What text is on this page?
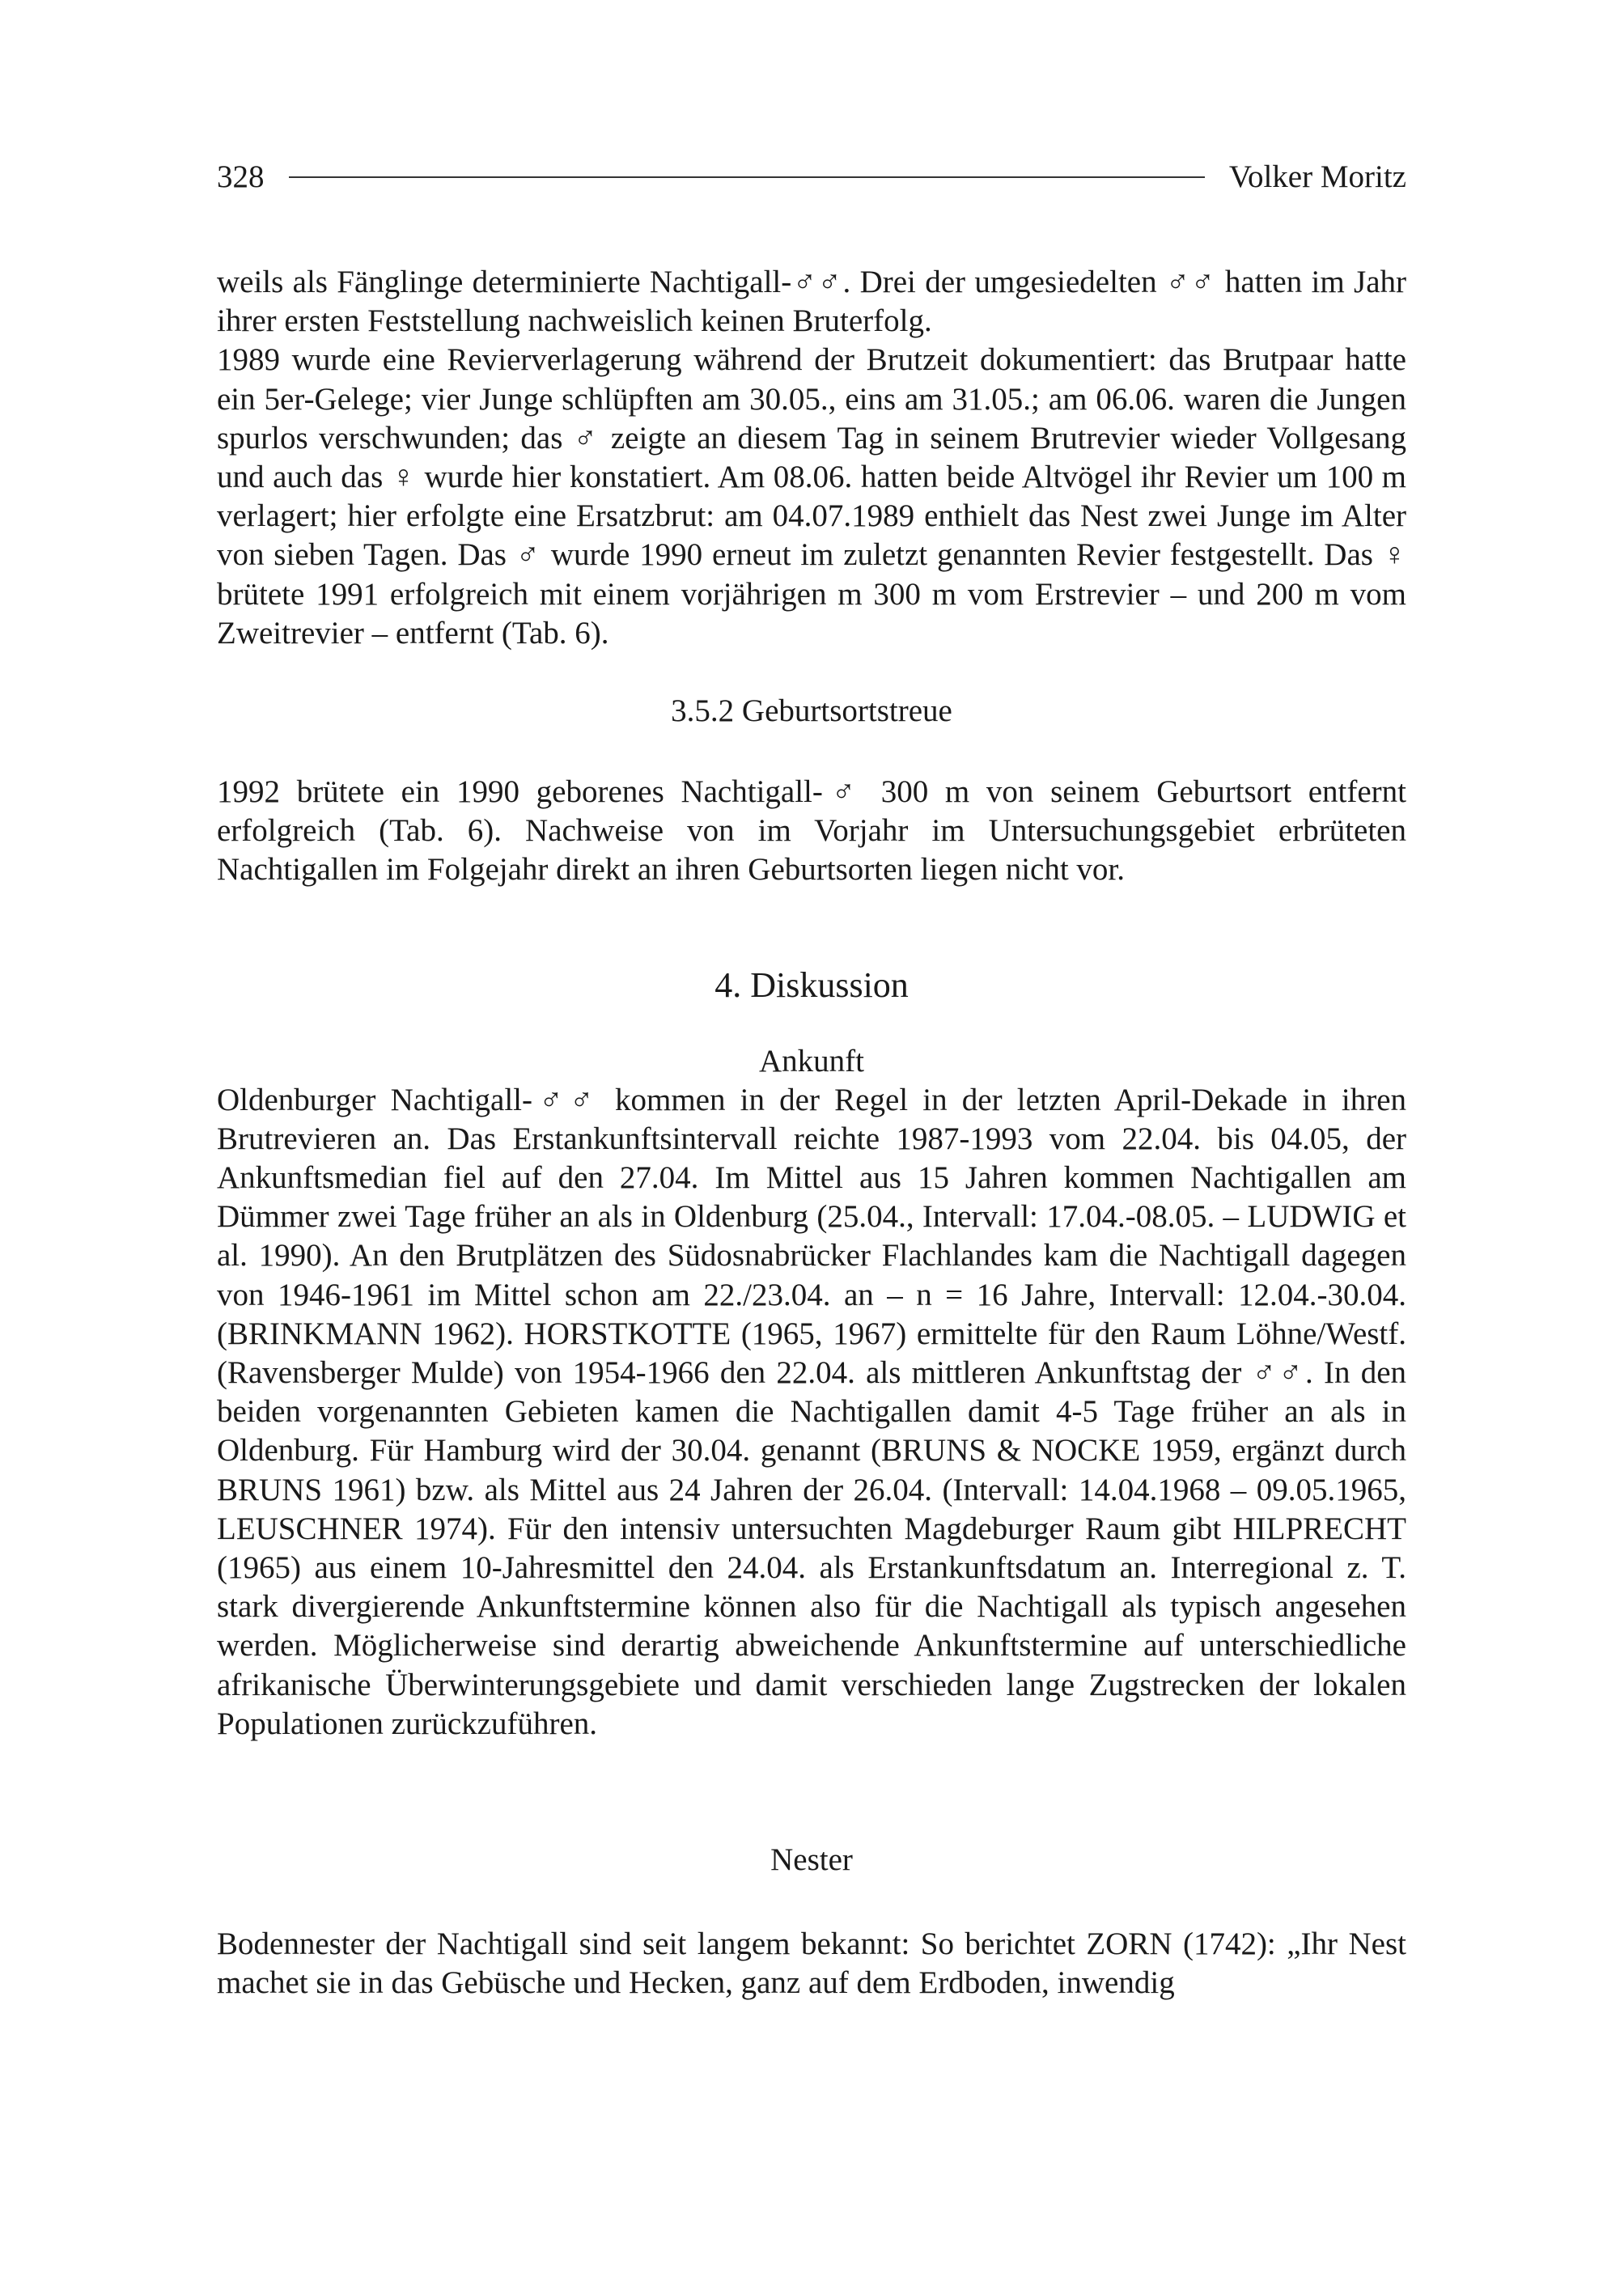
328	Volker Moritz

weils als Fänglinge determinierte Nachtigall-♂♂. Drei der umgesiedelten ♂♂ hatten im Jahr ihrer ersten Feststellung nachweislich keinen Bruterfolg.

1989 wurde eine Revierverlagerung während der Brutzeit dokumentiert: das Brutpaar hatte ein 5er-Gelege; vier Junge schlüpften am 30.05., eins am 31.05.; am 06.06. waren die Jungen spurlos verschwunden; das ♂ zeigte an diesem Tag in seinem Brutrevier wieder Vollgesang und auch das ♀ wurde hier konstatiert. Am 08.06. hatten beide Altvögel ihr Revier um 100 m verlagert; hier erfolgte eine Ersatzbrut: am 04.07.1989 enthielt das Nest zwei Junge im Alter von sieben Tagen. Das ♂ wurde 1990 erneut im zuletzt genannten Revier festgestellt. Das ♀ brütete 1991 erfolgreich mit einem vorjährigen m 300 m vom Erstrevier – und 200 m vom Zweitrevier – entfernt (Tab. 6).

3.5.2 Geburtsortstreue

1992 brütete ein 1990 geborenes Nachtigall-♂ 300 m von seinem Geburtsort entfernt erfolgreich (Tab. 6). Nachweise von im Vorjahr im Untersuchungsgebiet erbrüteten Nachtigallen im Folgejahr direkt an ihren Geburtsorten liegen nicht vor.

4. Diskussion
Ankunft

Oldenburger Nachtigall-♂♂ kommen in der Regel in der letzten April-Dekade in ihren Brutrevieren an. Das Erstankunftsintervall reichte 1987-1993 vom 22.04. bis 04.05, der Ankunftsmedian fiel auf den 27.04. Im Mittel aus 15 Jahren kommen Nachtigallen am Dümmer zwei Tage früher an als in Oldenburg (25.04., Intervall: 17.04.-08.05. – LUDWIG et al. 1990). An den Brutplätzen des Südosnabrücker Flachlandes kam die Nachtigall dagegen von 1946-1961 im Mittel schon am 22./23.04. an – n = 16 Jahre, Intervall: 12.04.-30.04. (BRINKMANN 1962). HORSTKOTTE (1965, 1967) ermittelte für den Raum Löhne/Westf. (Ravensberger Mulde) von 1954-1966 den 22.04. als mittleren Ankunftstag der ♂♂. In den beiden vorgenannten Gebieten kamen die Nachtigallen damit 4-5 Tage früher an als in Oldenburg. Für Hamburg wird der 30.04. genannt (BRUNS & NOCKE 1959, ergänzt durch BRUNS 1961) bzw. als Mittel aus 24 Jahren der 26.04. (Intervall: 14.04.1968 – 09.05.1965, LEUSCHNER 1974). Für den intensiv untersuchten Magdeburger Raum gibt HILPRECHT (1965) aus einem 10-Jahresmittel den 24.04. als Erstankunftsdatum an. Interregional z. T. stark divergierende Ankunftstermine können also für die Nachtigall als typisch angesehen werden. Möglicherweise sind derartig abweichende Ankunftstermine auf unterschiedliche afrikanische Überwinterungsgebiete und damit verschieden lange Zugstrecken der lokalen Populationen zurückzuführen.

Nester

Bodennester der Nachtigall sind seit langem bekannt: So berichtet ZORN (1742): „Ihr Nest machet sie in das Gebüsche und Hecken, ganz auf dem Erdboden, inwendig
